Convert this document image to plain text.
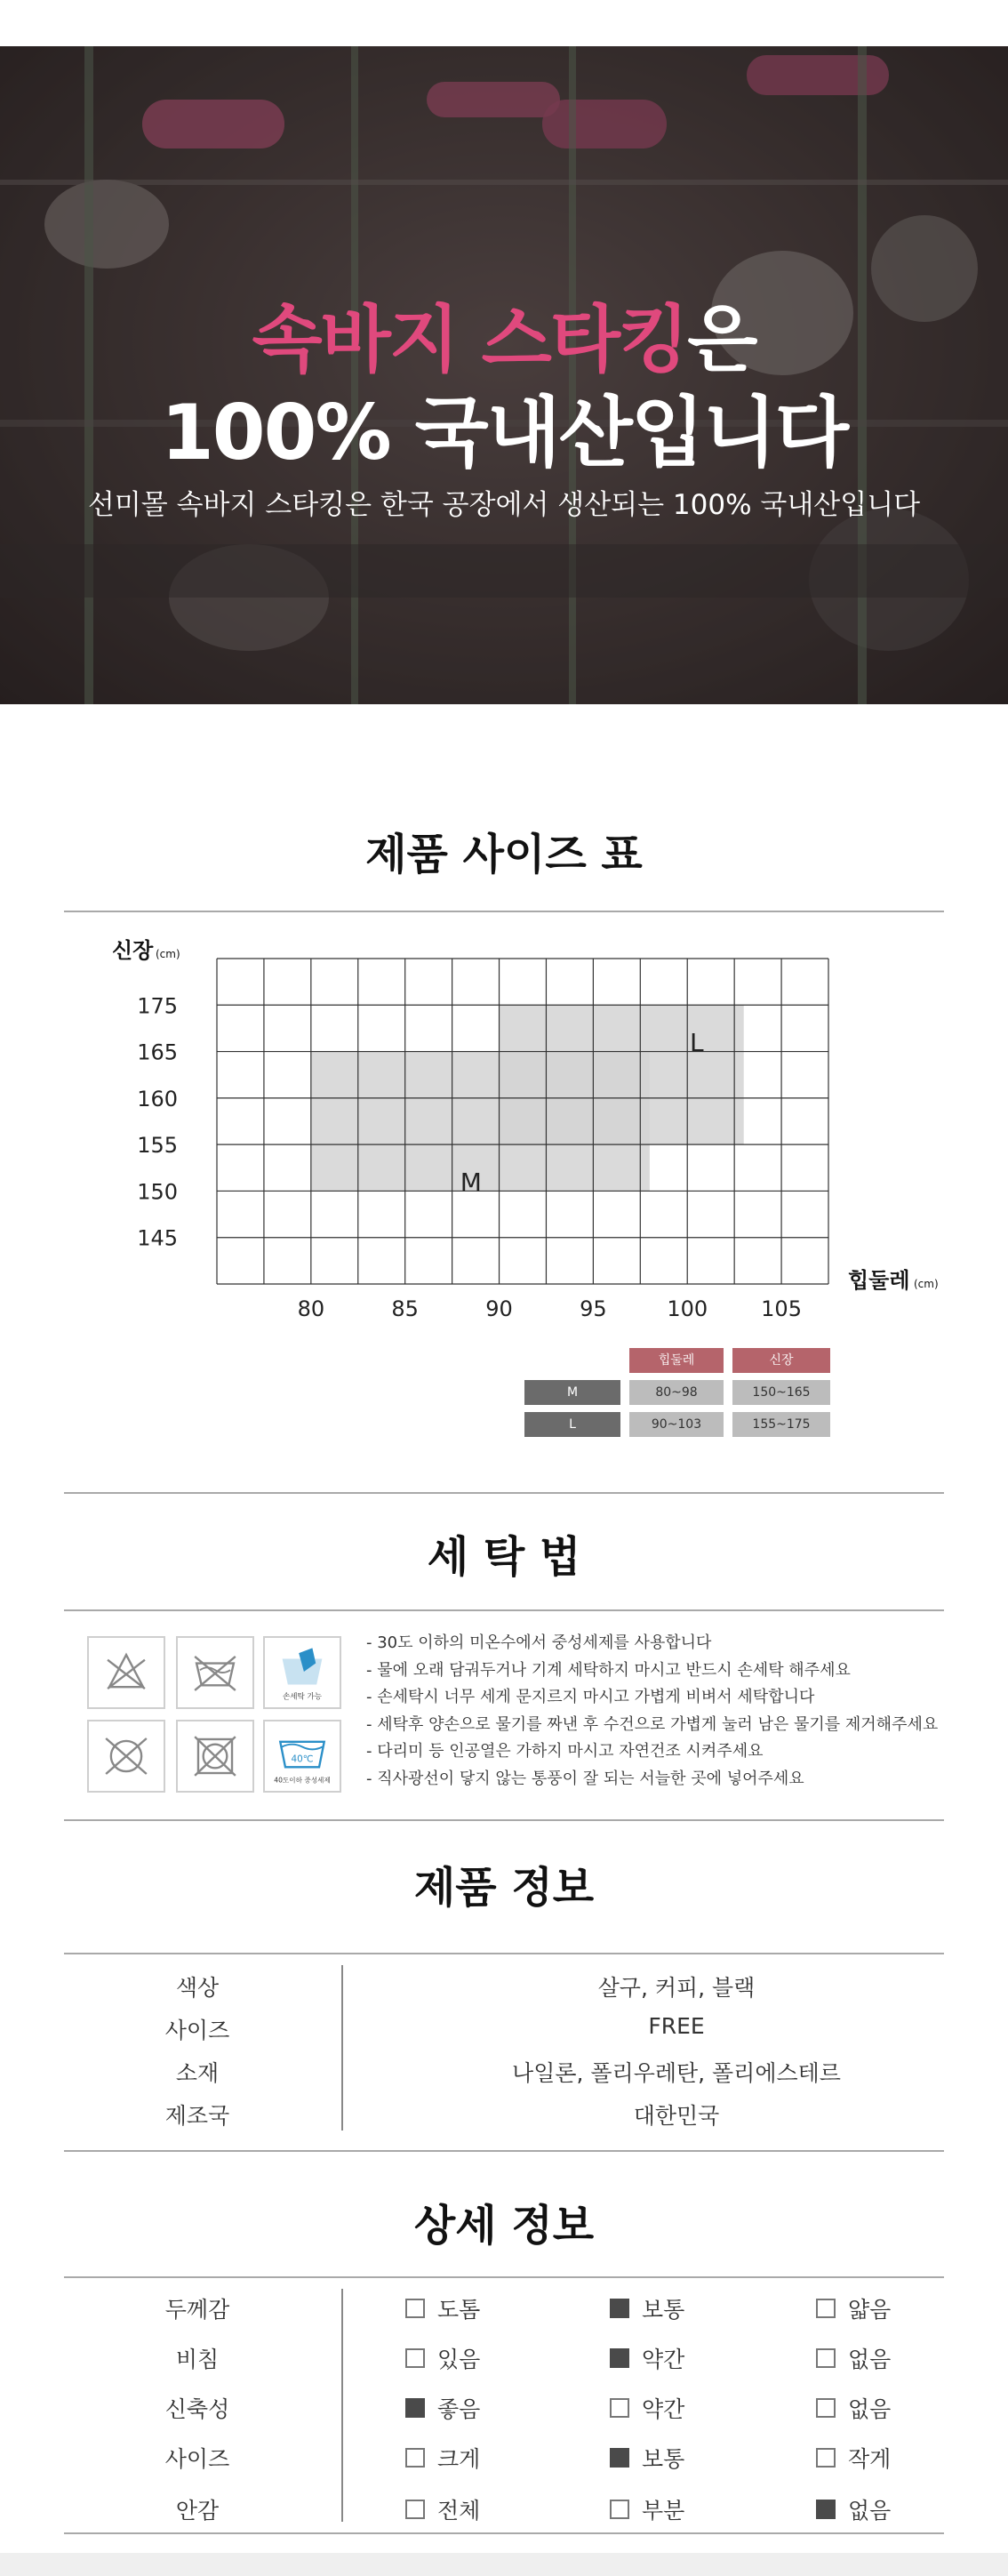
속바지 스타킹은
100% 국내산입니다
선미몰 속바지 스타킹은 한국 공장에서 생산되는 100% 국내산입니다
제품 사이즈 표
M
L
175
165
160
155
150
145
80	85	90	95	100	105
신장 (cm)
힙둘레 (cm)
힙둘레	신장
M	80~98	150~165
L	90~103	155~175
세 탁 법
손세탁 가능
40℃
40도이하 중성세제
- 30도 이하의 미온수에서 중성세제를 사용합니다
- 물에 오래 담궈두거나 기계 세탁하지 마시고 반드시 손세탁 해주세요
- 손세탁시 너무 세게 문지르지 마시고 가볍게 비벼서 세탁합니다
- 세탁후 양손으로 물기를 짜낸 후 수건으로 가볍게 눌러 남은 물기를 제거해주세요
- 다리미 등 인공열은 가하지 마시고 자연건조 시켜주세요
- 직사광선이 닿지 않는 통풍이 잘 되는 서늘한 곳에 넣어주세요
제품 정보
색상	살구, 커피, 블랙
사이즈	FREE
소재	나일론, 폴리우레탄, 폴리에스테르
제조국	대한민국
상세 정보
두께감	도톰	보통	얇음
비침	있음	약간	없음
신축성	좋음	약간	없음
사이즈	크게	보통	작게
안감	전체	부분	없음
